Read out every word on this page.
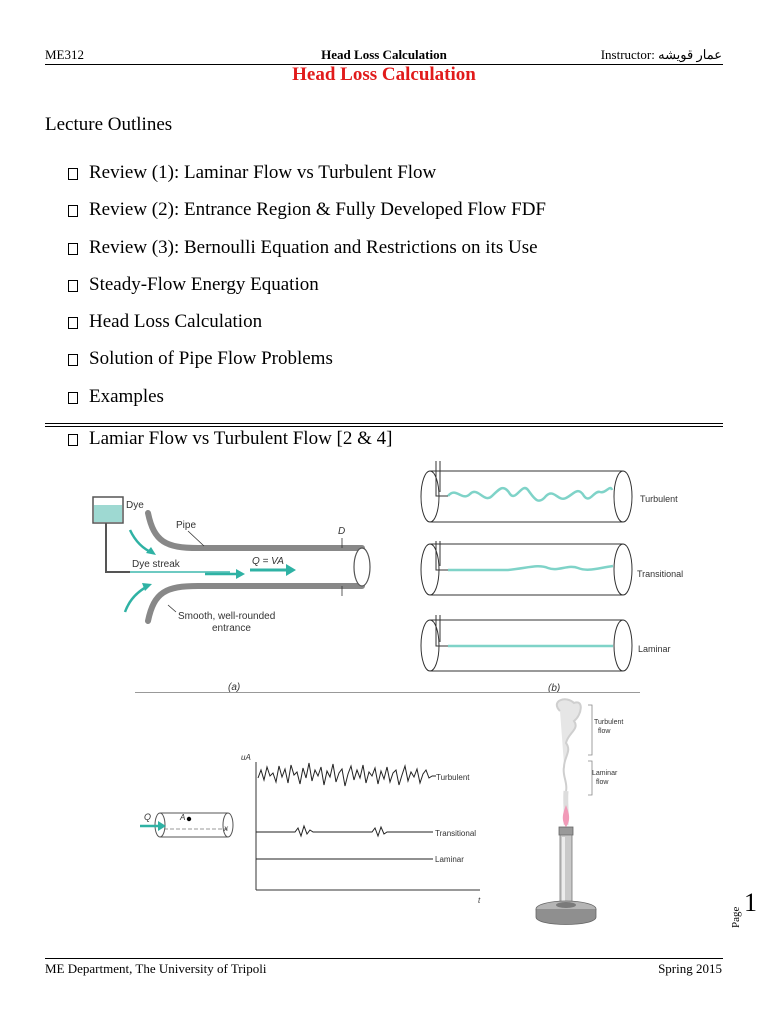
ME312	Head Loss Calculation	Instructor: عمار قويشه
Head Loss Calculation
Lecture Outlines
Review (1): Laminar Flow vs Turbulent Flow
Review (2): Entrance Region & Fully Developed Flow FDF
Review (3): Bernoulli Equation and Restrictions on its Use
Steady-Flow Energy Equation
Head Loss Calculation
Solution of Pipe Flow Problems
Examples
Lamiar Flow vs Turbulent Flow [2 & 4]
Dye
Q = VA
Pipe
D
Dye streak
Smooth, well-rounded
entrance
(a)
Turbulent
Transitional
Laminar
(b)
Q	A
x
uA
t
Turbulent
Transitional
Laminar
Turbulent
flow
Laminar
flow
Page
1
ME Department, The University of Tripoli	Spring 2015
